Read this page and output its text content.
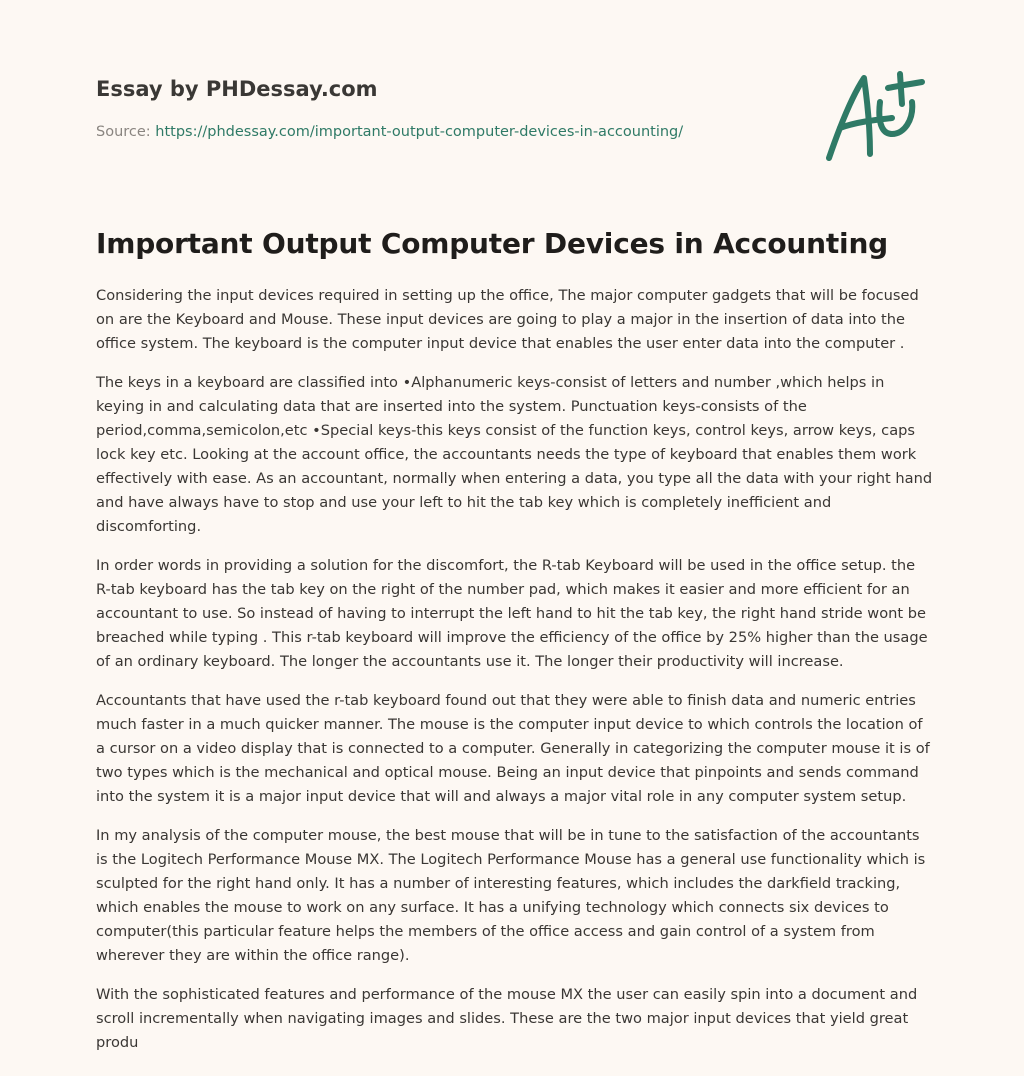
Essay by PHDessay.com
Source: https://phdessay.com/important-output-computer-devices-in-accounting/
Important Output Computer Devices in Accounting

Considering the input devices required in setting up the office, The major computer gadgets that will be focused on are the Keyboard and Mouse. These input devices are going to play a major in the insertion of data into the office system. The keyboard is the computer input device that enables the user enter data into the computer .

The keys in a keyboard are classified into •Alphanumeric keys-consist of letters and number ,which helps in keying in and calculating data that are inserted into the system. Punctuation keys-consists of the period,comma,semicolon,etc •Special keys-this keys consist of the function keys, control keys, arrow keys, caps lock key etc. Looking at the account office, the accountants needs the type of keyboard that enables them work effectively with ease. As an accountant, normally when entering a data, you type all the data with your right hand and have always have to stop and use your left to hit the tab key which is completely inefficient and discomforting.

In order words in providing a solution for the discomfort, the R-tab Keyboard will be used in the office setup. the R-tab keyboard has the tab key on the right of the number pad, which makes it easier and more efficient for an accountant to use. So instead of having to interrupt the left hand to hit the tab key, the right hand stride wont be breached while typing . This r-tab keyboard will improve the efficiency of the office by 25% higher than the usage of an ordinary keyboard. The longer the accountants use it. The longer their productivity will increase.

Accountants that have used the r-tab keyboard found out that they were able to finish data and numeric entries much faster in a much quicker manner. The mouse is the computer input device to which controls the location of a cursor on a video display that is connected to a computer. Generally in categorizing the computer mouse it is of two types which is the mechanical and optical mouse. Being an input device that pinpoints and sends command into the system it is a major input device that will and always a major vital role in any computer system setup.

In my analysis of the computer mouse, the best mouse that will be in tune to the satisfaction of the accountants is the Logitech Performance Mouse MX. The Logitech Performance Mouse has a general use functionality which is sculpted for the right hand only. It has a number of interesting features, which includes the darkfield tracking, which enables the mouse to work on any surface. It has a unifying technology which connects six devices to computer(this particular feature helps the members of the office access and gain control of a system from wherever they are within the office range).

With the sophisticated features and performance of the mouse MX the user can easily spin into a document and scroll incrementally when navigating images and slides. These are the two major input devices that yield great produ
